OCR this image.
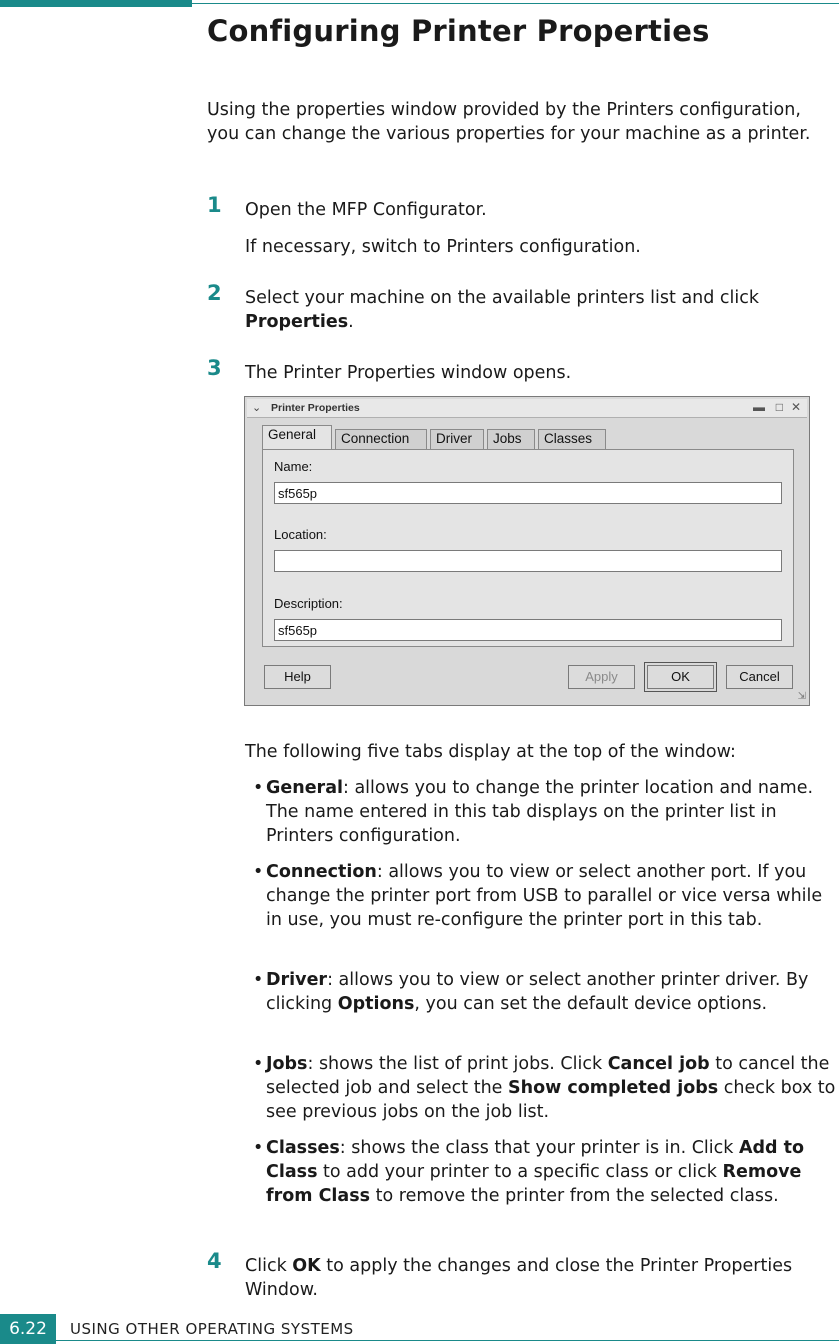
Configuring Printer Properties

Using the properties window provided by the Printers configuration, you can change the various properties for your machine as a printer.

1 Open the MFP Configurator.

If necessary, switch to Printers configuration.

2 Select your machine on the available printers list and click Properties.

3 The Printer Properties window opens.

⌄ Printer Properties	▬ □ ✕
General	Connection	Driver	Jobs	Classes
Name:
sf565p
Location:
Description:
sf565p
Help	Apply	OK	Cancel
⇲

The following five tabs display at the top of the window:

• General: allows you to change the printer location and name. The name entered in this tab displays on the printer list in Printers configuration.

• Connection: allows you to view or select another port. If you change the printer port from USB to parallel or vice versa while in use, you must re-configure the printer port in this tab.

• Driver: allows you to view or select another printer driver. By clicking Options, you can set the default device options.

• Jobs: shows the list of print jobs. Click Cancel job to cancel the selected job and select the Show completed jobs check box to see previous jobs on the job list.

• Classes: shows the class that your printer is in. Click Add to Class to add your printer to a specific class or click Remove from Class to remove the printer from the selected class.

4 Click OK to apply the changes and close the Printer Properties Window.

6.22	USING OTHER OPERATING SYSTEMS
